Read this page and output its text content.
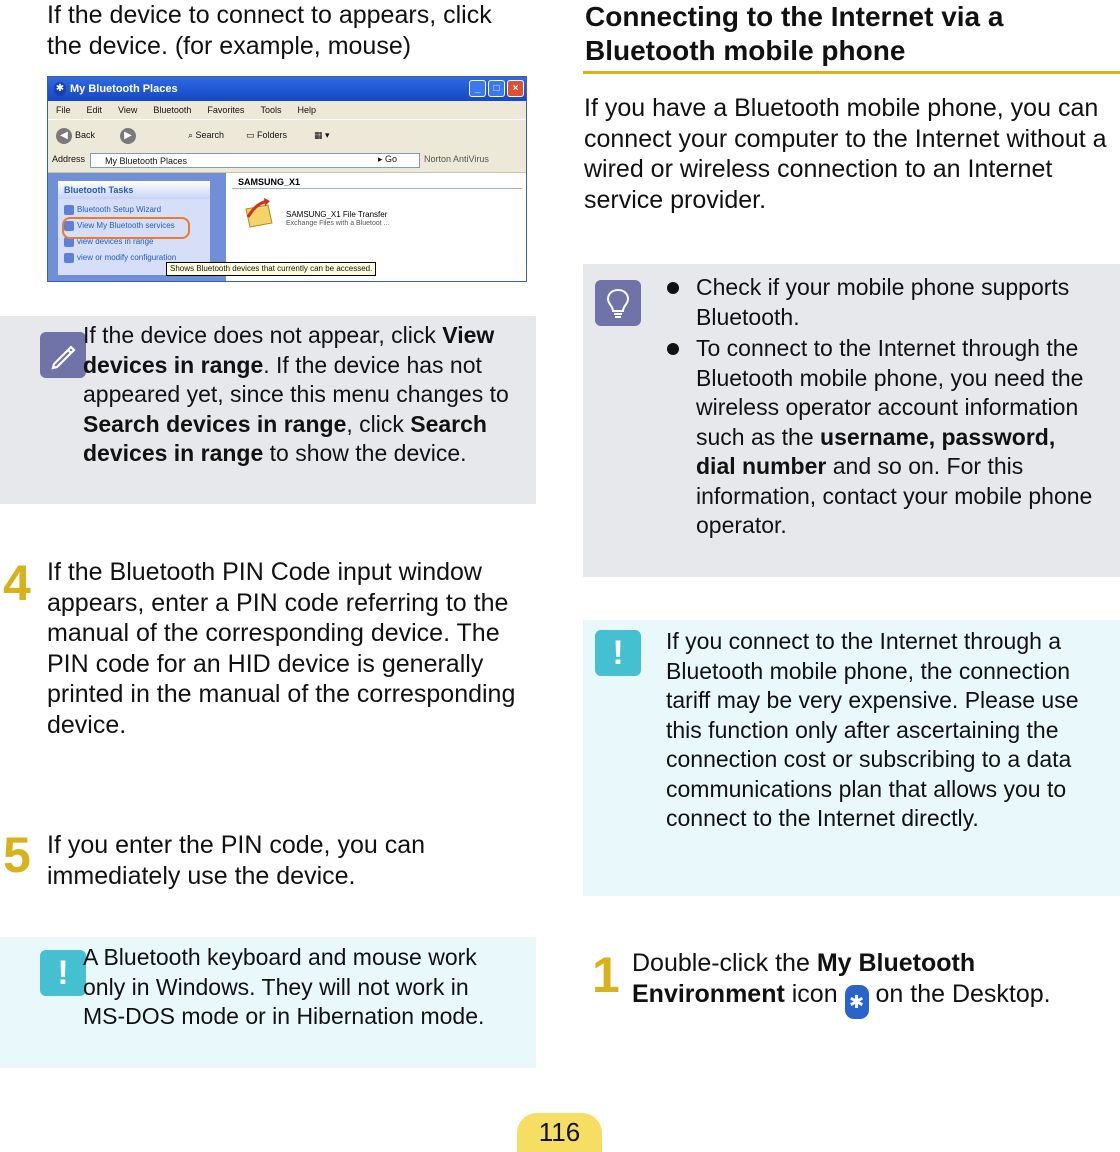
If the device to connect to appears, click the device. (for example, mouse)
✱ My Bluetooth Places	_	□	×
File Edit View Bluetooth Favorites Tools Help
◀ Back	▶	⌕ Search ▭ Folders	▦ ▾
Address	My Bluetooth Places	▸ Go	Norton AntiVirus
Bluetooth Tasks
Bluetooth Setup Wizard
View My Bluetooth services
view devices in range
view or modify configuration
SAMSUNG_X1
SAMSUNG_X1 File Transfer
Exchange Files with a Bluetoot ...
Shows Bluetooth devices that currently can be accessed.
If the device does not appear, click View devices in range. If the device has not appeared yet, since this menu changes to Search devices in range, click Search devices in range to show the device.
4 If the Bluetooth PIN Code input window appears, enter a PIN code referring to the manual of the corresponding device. The PIN code for an HID device is generally printed in the manual of the corresponding device.
5 If you enter the PIN code, you can immediately use the device.
! A Bluetooth keyboard and mouse work only in Windows. They will not work in MS-DOS mode or in Hibernation mode.
Connecting to the Internet via a Bluetooth mobile phone
If you have a Bluetooth mobile phone, you can connect your computer to the Internet without a wired or wireless connection to an Internet service provider.
Check if your mobile phone supports Bluetooth.
To connect to the Internet through the Bluetooth mobile phone, you need the wireless operator account information such as the username, password, dial number and so on. For this information, contact your mobile phone operator.
!	If you connect to the Internet through a Bluetooth mobile phone, the connection tariff may be very expensive. Please use this function only after ascertaining the connection cost or subscribing to a data communications plan that allows you to connect to the Internet directly.
1 Double-click the My Bluetooth Environment icon ✱ on the Desktop.
116
